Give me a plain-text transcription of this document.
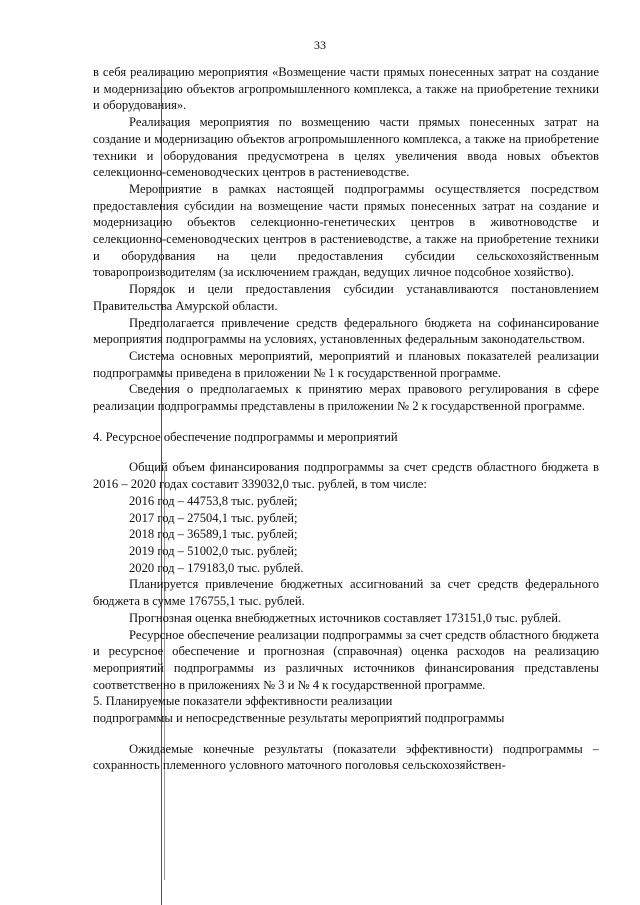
33

в себя реализацию мероприятия «Возмещение части прямых понесенных затрат на создание и модернизацию объектов агропромышленного комплекса, а также на приобретение техники и оборудования».

Реализация мероприятия по возмещению части прямых понесенных затрат на создание и модернизацию объектов агропромышленного комплекса, а также на приобретение техники и оборудования предусмотрена в целях увеличения ввода новых объектов селекционно-семеноводческих центров в растениеводстве.

Мероприятие в рамках настоящей подпрограммы осуществляется посредством предоставления субсидии на возмещение части прямых понесенных затрат на создание и модернизацию объектов селекционно-генетических центров в животноводстве и селекционно-семеноводческих центров в растениеводстве, а также на приобретение техники и оборудования на цели предоставления субсидии сельскохозяйственным товаропроизводителям (за исключением граждан, ведущих личное подсобное хозяйство).

Порядок и цели предоставления субсидии устанавливаются постановлением Правительства Амурской области.

Предполагается привлечение средств федерального бюджета на софинансирование мероприятия подпрограммы на условиях, установленных федеральным законодательством.

Система основных мероприятий, мероприятий и плановых показателей реализации подпрограммы приведена в приложении № 1 к государственной программе.

Сведения о предполагаемых к принятию мерах правового регулирования в сфере реализации подпрограммы представлены в приложении № 2 к государственной программе.

4. Ресурсное обеспечение подпрограммы и мероприятий

Общий объем финансирования подпрограммы за счет средств областного бюджета в 2016 – 2020 годах составит 339032,0 тыс. рублей, в том числе:

2016 год – 44753,8 тыс. рублей;

2017 год – 27504,1 тыс. рублей;

2018 год – 36589,1 тыс. рублей;

2019 год – 51002,0 тыс. рублей;

2020 год – 179183,0 тыс. рублей.

Планируется привлечение бюджетных ассигнований за счет средств федерального бюджета в сумме 176755,1 тыс. рублей.

Прогнозная оценка внебюджетных источников составляет 173151,0 тыс. рублей.

Ресурсное обеспечение реализации подпрограммы за счет средств областного бюджета и ресурсное обеспечение и прогнозная (справочная) оценка расходов на реализацию мероприятий подпрограммы из различных источников финансирования представлены соответственно в приложениях № 3 и № 4 к государственной программе.

5. Планируемые показатели эффективности реализации

подпрограммы и непосредственные результаты мероприятий подпрограммы

Ожидаемые конечные результаты (показатели эффективности) подпрограммы – сохранность племенного условного маточного поголовья сельскохозяйствен-
